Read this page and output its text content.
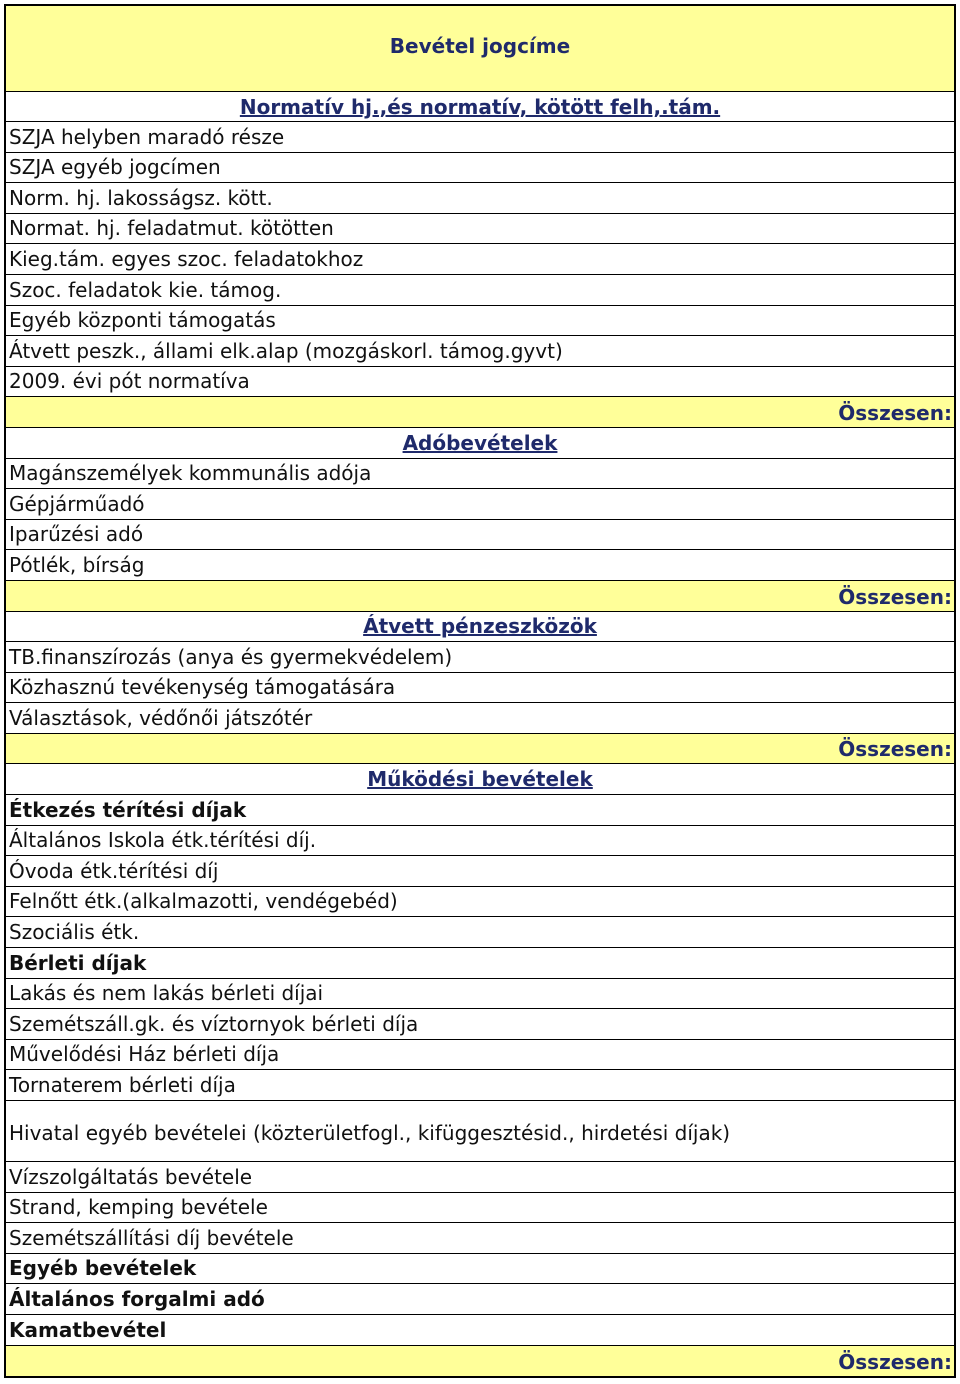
Bevétel jogcíme
Normatív hj.,és normatív, kötött felh,.tám.
SZJA helyben maradó része
SZJA egyéb jogcímen
Norm. hj. lakosságsz. kött.
Normat. hj. feladatmut. kötötten
Kieg.tám. egyes szoc. feladatokhoz
Szoc. feladatok kie. támog.
Egyéb központi támogatás
Átvett peszk., állami elk.alap (mozgáskorl. támog.gyvt)
2009. évi pót normatíva
Összesen:
Adóbevételek
Magánszemélyek kommunális adója
Gépjárműadó
Iparűzési adó
Pótlék, bírság
Összesen:
Átvett pénzeszközök
TB.finanszírozás (anya és gyermekvédelem)
Közhasznú tevékenység támogatására
Választások, védőnői játszótér
Összesen:
Működési bevételek
Étkezés térítési díjak
Általános Iskola étk.térítési díj.
Óvoda étk.térítési díj
Felnőtt étk.(alkalmazotti, vendégebéd)
Szociális étk.
Bérleti díjak
Lakás és nem lakás bérleti díjai
Szemétszáll.gk. és víztornyok bérleti díja
Művelődési Ház bérleti díja
Tornaterem bérleti díja
Hivatal egyéb bevételei (közterületfogl., kifüggesztésid., hirdetési díjak)
Vízszolgáltatás bevétele
Strand, kemping bevétele
Szemétszállítási díj bevétele
Egyéb bevételek
Általános forgalmi adó
Kamatbevétel
Összesen:
